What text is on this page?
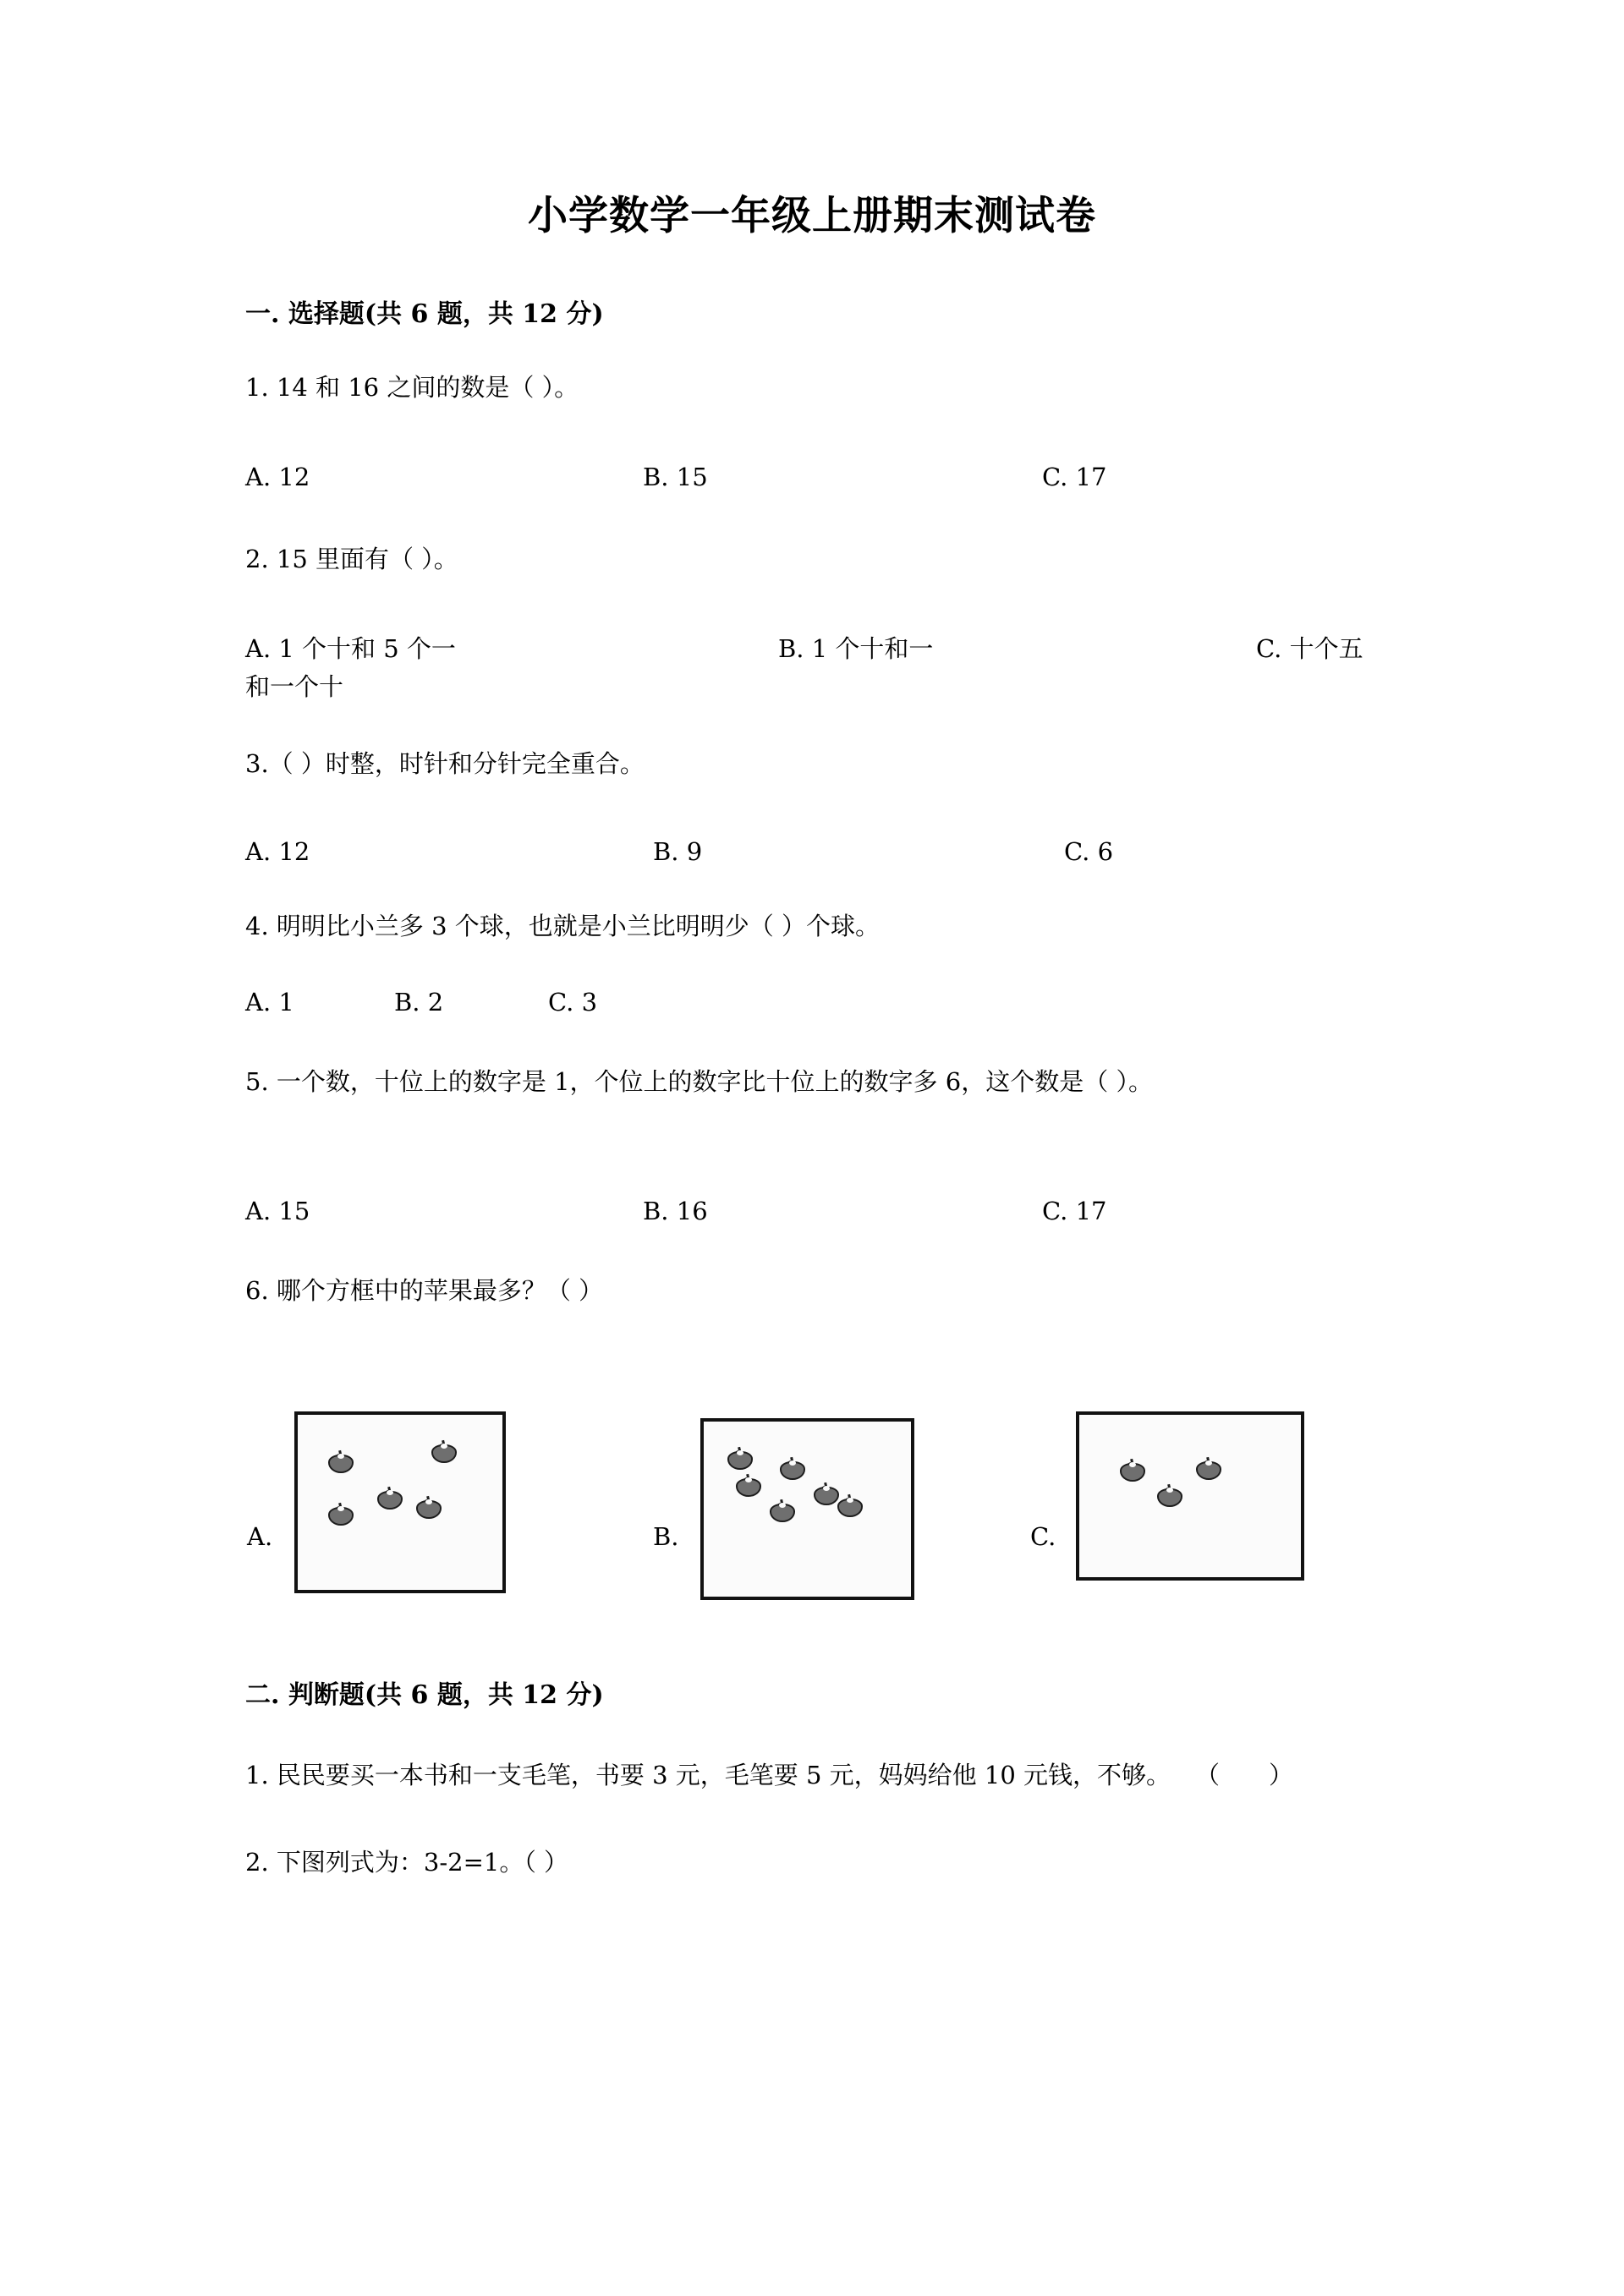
小学数学一年级上册期末测试卷
一. 选择题(共 6 题，共 12 分)
1. 14 和 16 之间的数是（ ）。
A. 12	B. 15	C. 17
2. 15 里面有（ ）。
A. 1 个十和 5 个一	B. 1 个十和一	C. 十个五
和一个十
3.（ ）时整，时针和分针完全重合。
A. 12	B. 9	C. 6
4. 明明比小兰多 3 个球，也就是小兰比明明少（ ）个球。
A. 1	B. 2	C. 3
5. 一个数，十位上的数字是 1，个位上的数字比十位上的数字多 6，这个数是（ ）。
A. 15	B. 16	C. 17
6. 哪个方框中的苹果最多？（ ）
A.	B.	C.
二. 判断题(共 6 题，共 12 分)
1. 民民要买一本书和一支毛笔，书要 3 元，毛笔要 5 元，妈妈给他 10 元钱，不够。　　（　　）
2. 下图列式为：3-2=1。（ ）
